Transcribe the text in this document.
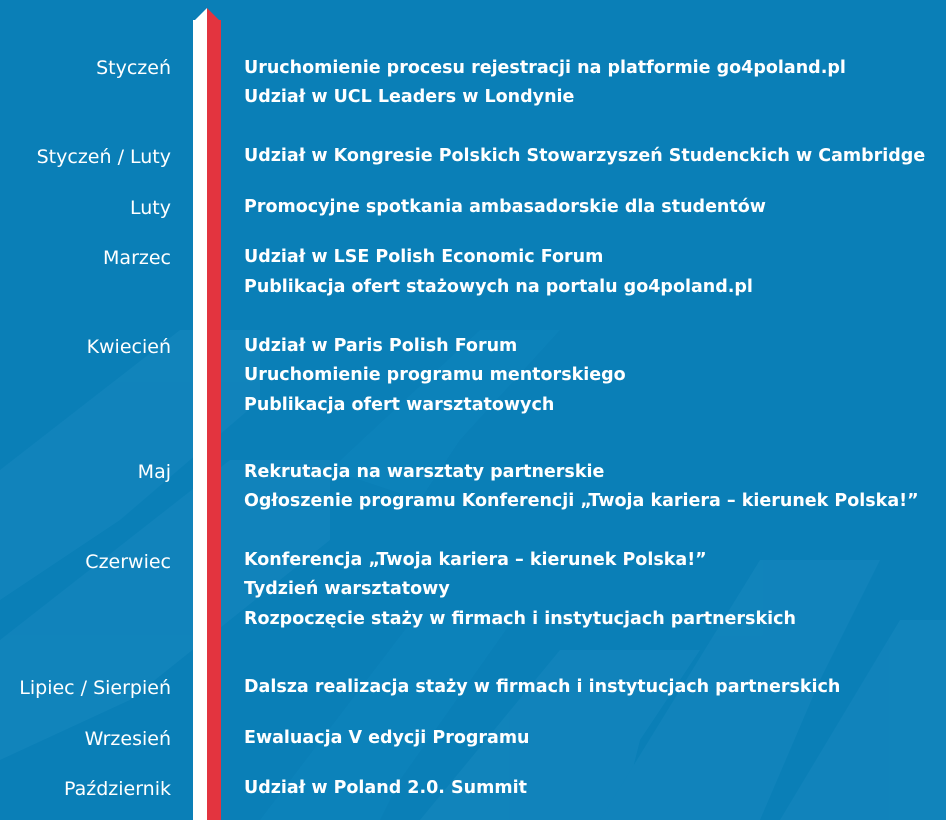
Styczeń	Uruchomienie procesu rejestracji na platformie go4poland.pl

Udział w UCL Leaders w Londynie

Styczeń / Luty	Udział w Kongresie Polskich Stowarzyszeń Studenckich w Cambridge

Luty	Promocyjne spotkania ambasadorskie dla studentów

Marzec	Udział w LSE Polish Economic Forum

Publikacja ofert stażowych na portalu go4poland.pl

Kwiecień	Udział w Paris Polish Forum

Uruchomienie programu mentorskiego

Publikacja ofert warsztatowych

Maj	Rekrutacja na warsztaty partnerskie

Ogłoszenie programu Konferencji „Twoja kariera – kierunek Polska!”

Czerwiec	Konferencja „Twoja kariera – kierunek Polska!”

Tydzień warsztatowy

Rozpoczęcie staży w firmach i instytucjach partnerskich

Lipiec / Sierpień	Dalsza realizacja staży w firmach i instytucjach partnerskich

Wrzesień	Ewaluacja V edycji Programu

Październik	Udział w Poland 2.0. Summit
